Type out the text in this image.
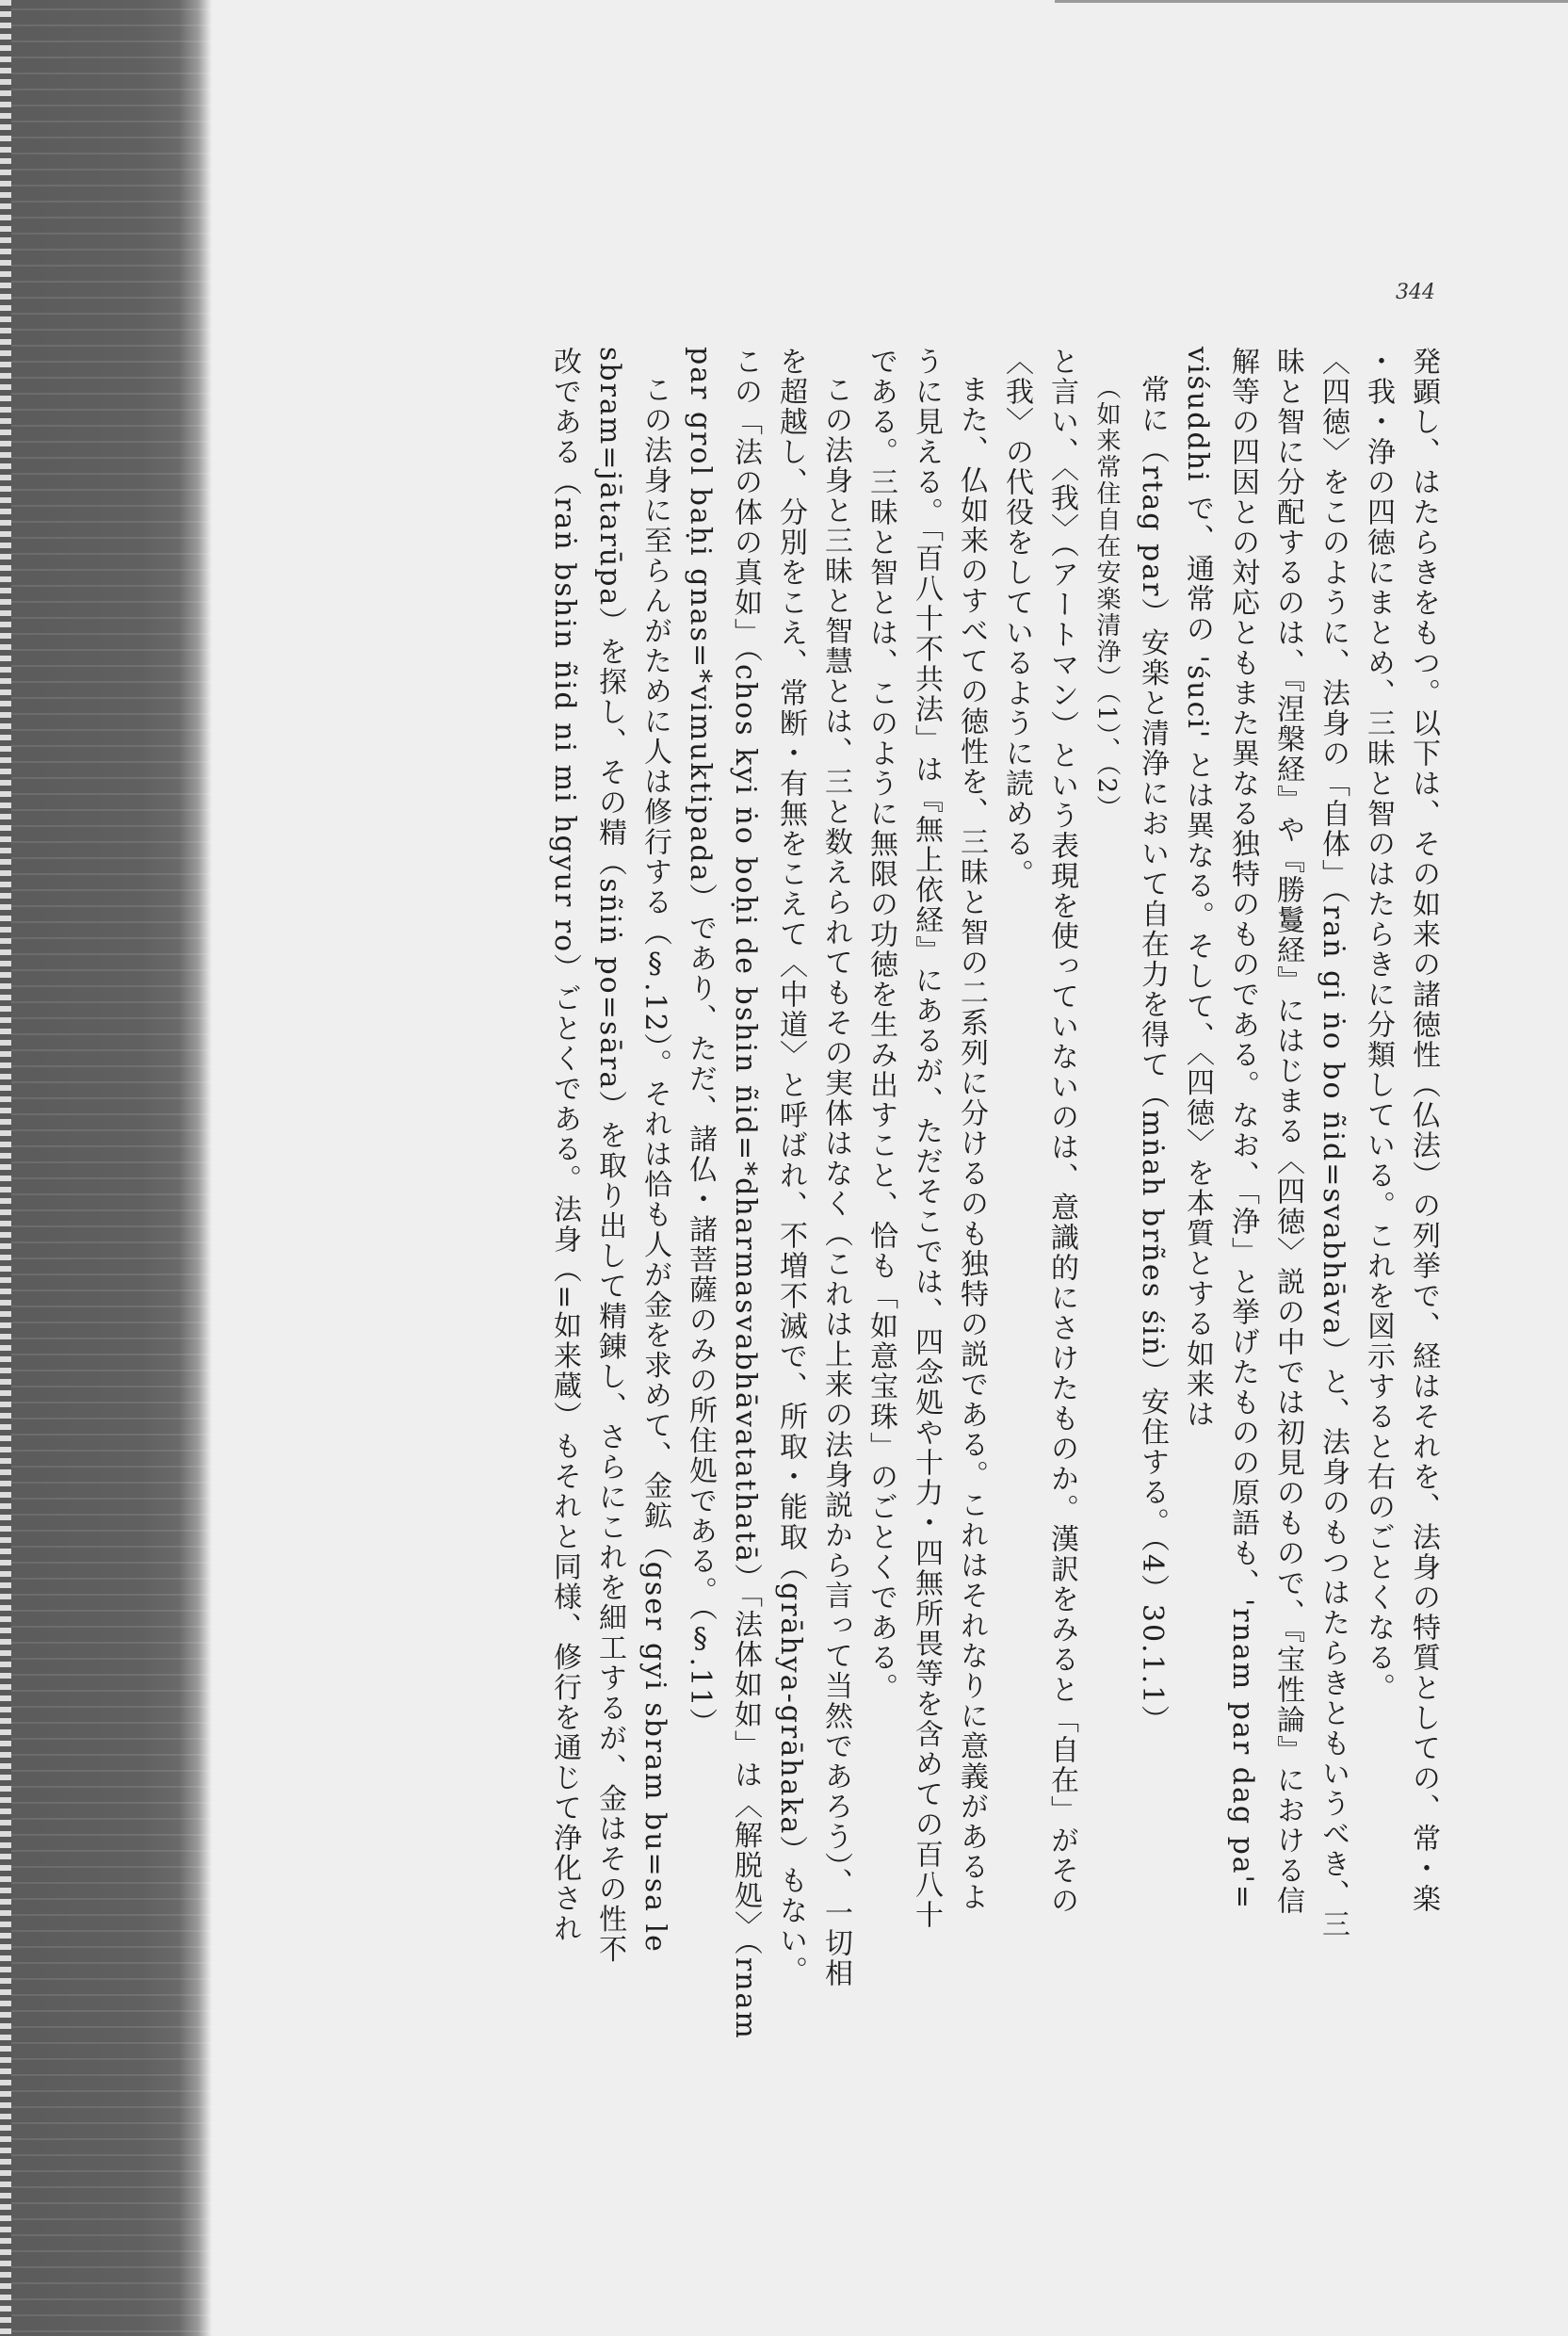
344
発顕し、はたらきをもつ。以下は、その如来の諸徳性（仏法）の列挙で、経はそれを、法身の特質としての、常・楽
・我・浄の四徳にまとめ、三昧と智のはたらきに分類している。これを図示すると右のごとくなる。
〈四徳〉をこのように、法身の「自体」（raṅ gi ṅo bo ñid=svabhāva）と、法身のもつはたらきともいうべき、三
昧と智に分配するのは、『涅槃経』や『勝鬘経』にはじまる〈四徳〉説の中では初見のもので、『宝性論』における信
解等の四因との対応ともまた異なる独特のものである。なお、「浄」と挙げたものの原語も、'rnam par dag pa'=
viśuddhi で、通常の 'śuci' とは異なる。そして、〈四徳〉を本質とする如来は
常に（rtag par）安楽と清浄において自在力を得て（mṅah brñes śiṅ）安住する。（4）30.1.1）
（如来常住自在安楽清浄）（1）、（2）
と言い、〈我〉（アートマン）という表現を使っていないのは、意識的にさけたものか。漢訳をみると「自在」がその
〈我〉の代役をしているように読める。
また、仏如来のすべての徳性を、三昧と智の二系列に分けるのも独特の説である。これはそれなりに意義があるよ
うに見える。「百八十不共法」は『無上依経』にあるが、ただそこでは、四念処や十力・四無所畏等を含めての百八十
である。三昧と智とは、このように無限の功徳を生み出すこと、恰も「如意宝珠」のごとくである。
この法身と三昧と智慧とは、三と数えられてもその実体はなく（これは上来の法身説から言って当然であろう）、一切相
を超越し、分別をこえ、常断・有無をこえて〈中道〉と呼ばれ、不増不滅で、所取・能取（grāhya-grāhaka）もない。
この「法の体の真如」（chos kyi ṅo boḥi de bshin ñid=*dharmasvabhāvatathatā）「法体如如」は〈解脱処〉（rnam
par grol baḥi gnas=*vimuktipada）であり、ただ、諸仏・諸菩薩のみの所住処である。（§.11）
この法身に至らんがために人は修行する（§.12）。それは恰も人が金を求めて、金鉱（gser gyi sbram bu=sa le
sbram=jātarūpa）を探し、その精（sñiṅ po=sāra）を取り出して精錬し、さらにこれを細工するが、金はその性不
改である（raṅ bshin ñid ni mi hgyur ro）ごとくである。法身（=如来蔵）もそれと同様、修行を通じて浄化され
